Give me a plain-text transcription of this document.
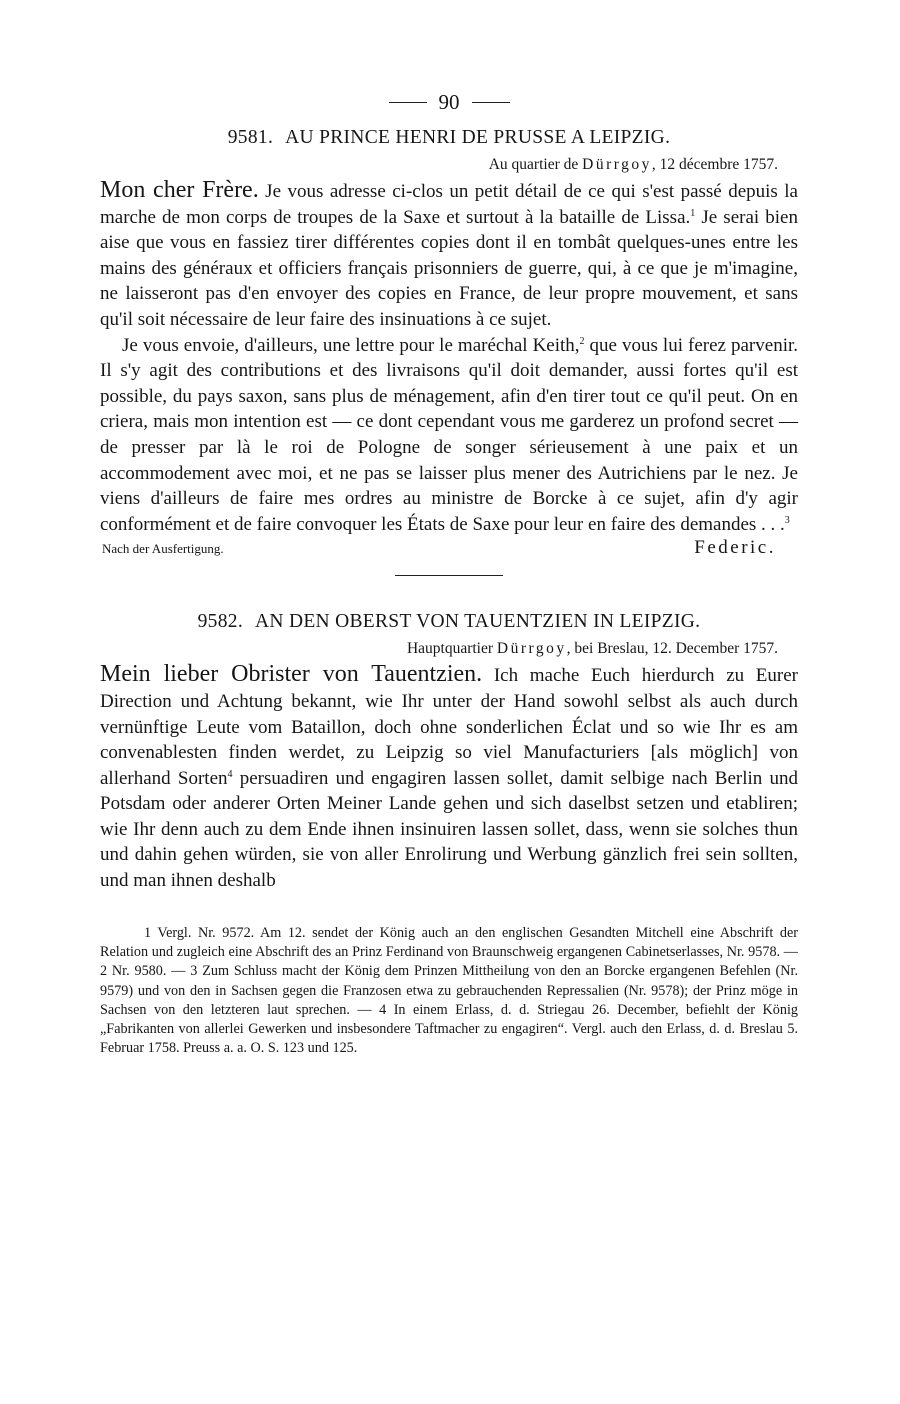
90
9581. AU PRINCE HENRI DE PRUSSE A LEIPZIG.
Au quartier de Dürrgoy, 12 décembre 1757.

Mon cher Frère. Je vous adresse ci-clos un petit détail de ce qui s'est passé depuis la marche de mon corps de troupes de la Saxe et surtout à la bataille de Lissa.$^1$ Je serai bien aise que vous en fassiez tirer différentes copies dont il en tombât quelques-unes entre les mains des généraux et officiers français prisonniers de guerre, qui, à ce que je m'imagine, ne laisseront pas d'en envoyer des copies en France, de leur propre mouvement, et sans qu'il soit nécessaire de leur faire des insinuations à ce sujet.

Je vous envoie, d'ailleurs, une lettre pour le maréchal Keith,$^2$ que vous lui ferez parvenir. Il s'y agit des contributions et des livraisons qu'il doit demander, aussi fortes qu'il est possible, du pays saxon, sans plus de ménagement, afin d'en tirer tout ce qu'il peut. On en criera, mais mon intention est — ce dont cependant vous me garderez un profond secret — de presser par là le roi de Pologne de songer sérieusement à une paix et un accommodement avec moi, et ne pas se laisser plus mener des Autrichiens par le nez. Je viens d'ailleurs de faire mes ordres au ministre de Borcke à ce sujet, afin d'y agir conformément et de faire convoquer les États de Saxe pour leur en faire des demandes . . .$^3$

Nach der Ausfertigung.	Federic.
9582. AN DEN OBERST VON TAUENTZIEN IN LEIPZIG.
Hauptquartier Dürrgoy, bei Breslau, 12. December 1757.

Mein lieber Obrister von Tauentzien. Ich mache Euch hierdurch zu Eurer Direction und Achtung bekannt, wie Ihr unter der Hand sowohl selbst als auch durch vernünftige Leute vom Bataillon, doch ohne sonderlichen Éclat und so wie Ihr es am convenablesten finden werdet, zu Leipzig so viel Manufacturiers [als möglich] von allerhand Sorten$^4$ persuadiren und engagiren lassen sollet, damit selbige nach Berlin und Potsdam oder anderer Orten Meiner Lande gehen und sich daselbst setzen und etabliren; wie Ihr denn auch zu dem Ende ihnen insinuiren lassen sollet, dass, wenn sie solches thun und dahin gehen würden, sie von aller Enrolirung und Werbung gänzlich frei sein sollten, und man ihnen deshalb

1 Vergl. Nr. 9572. Am 12. sendet der König auch an den englischen Gesandten Mitchell eine Abschrift der Relation und zugleich eine Abschrift des an Prinz Ferdinand von Braunschweig ergangenen Cabinetserlasses, Nr. 9578. — 2 Nr. 9580. — 3 Zum Schluss macht der König dem Prinzen Mittheilung von den an Borcke ergangenen Befehlen (Nr. 9579) und von den in Sachsen gegen die Franzosen etwa zu gebrauchenden Repressalien (Nr. 9578); der Prinz möge in Sachsen von den letzteren laut sprechen. — 4 In einem Erlass, d. d. Striegau 26. December, befiehlt der König „Fabrikanten von allerlei Gewerken und insbesondere Taftmacher zu engagiren“. Vergl. auch den Erlass, d. d. Breslau 5. Februar 1758. Preuss a. a. O. S. 123 und 125.
